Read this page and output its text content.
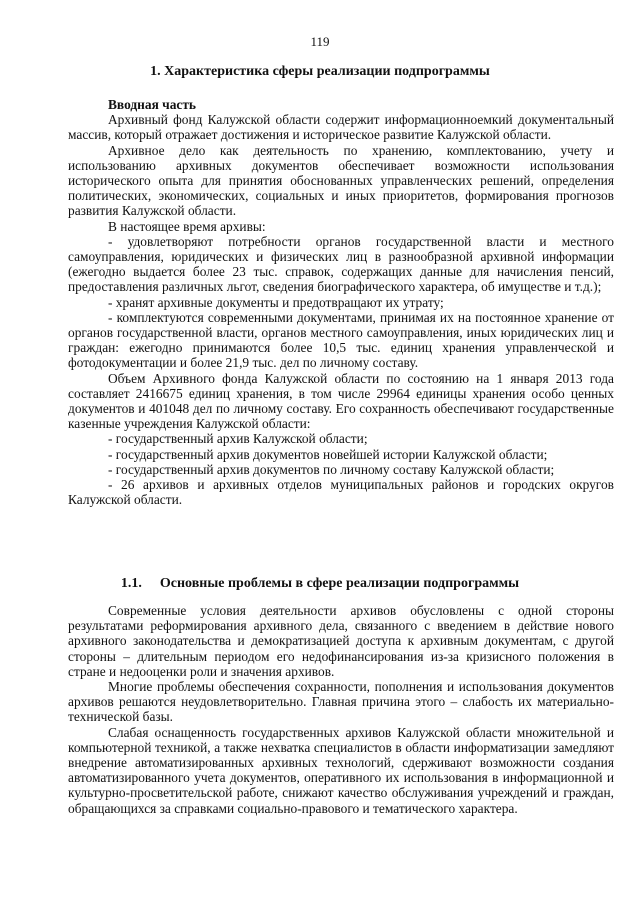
119
1. Характеристика сферы реализации подпрограммы

Вводная часть

Архивный фонд Калужской области содержит информационноемкий документальный массив, который отражает достижения и историческое развитие Калужской области.

Архивное дело как деятельность по хранению, комплектованию, учету и использованию архивных документов обеспечивает возможности использования исторического опыта для принятия обоснованных управленческих решений, определения политических, экономических, социальных и иных приоритетов, формирования прогнозов развития Калужской области.

В настоящее время архивы:

- удовлетворяют потребности органов государственной власти и местного самоуправления, юридических и физических лиц в разнообразной архивной информации (ежегодно выдается более 23 тыс. справок, содержащих данные для начисления пенсий, предоставления различных льгот, сведения биографического характера, об имуществе и т.д.);

- хранят архивные документы и предотвращают их утрату;

- комплектуются современными документами, принимая их на постоянное хранение от органов государственной власти, органов местного самоуправления, иных юридических лиц и граждан: ежегодно принимаются более 10,5 тыс. единиц хранения управленческой и фотодокументации и более 21,9 тыс. дел по личному составу.

Объем Архивного фонда Калужской области по состоянию на 1 января 2013 года составляет 2416675 единиц хранения, в том числе 29964 единицы хранения особо ценных документов и 401048 дел по личному составу. Его сохранность обеспечивают государственные казенные учреждения Калужской области:

- государственный архив Калужской области;

- государственный архив документов новейшей истории Калужской области;

- государственный архив документов по личному составу Калужской области;

- 26 архивов и архивных отделов муниципальных районов и городских округов Калужской области.

1.1. Основные проблемы в сфере реализации подпрограммы

Современные условия деятельности архивов обусловлены с одной стороны результатами реформирования архивного дела, связанного с введением в действие нового архивного законодательства и демократизацией доступа к архивным документам, с другой стороны – длительным периодом его недофинансирования из-за кризисного положения в стране и недооценки роли и значения архивов.

Многие проблемы обеспечения сохранности, пополнения и использования документов архивов решаются неудовлетворительно. Главная причина этого – слабость их материально-технической базы.

Слабая оснащенность государственных архивов Калужской области множительной и компьютерной техникой, а также нехватка специалистов в области информатизации замедляют внедрение автоматизированных архивных технологий, сдерживают возможности создания автоматизированного учета документов, оперативного их использования в информационной и культурно-просветительской работе, снижают качество обслуживания учреждений и граждан, обращающихся за справками социально-правового и тематического характера.
